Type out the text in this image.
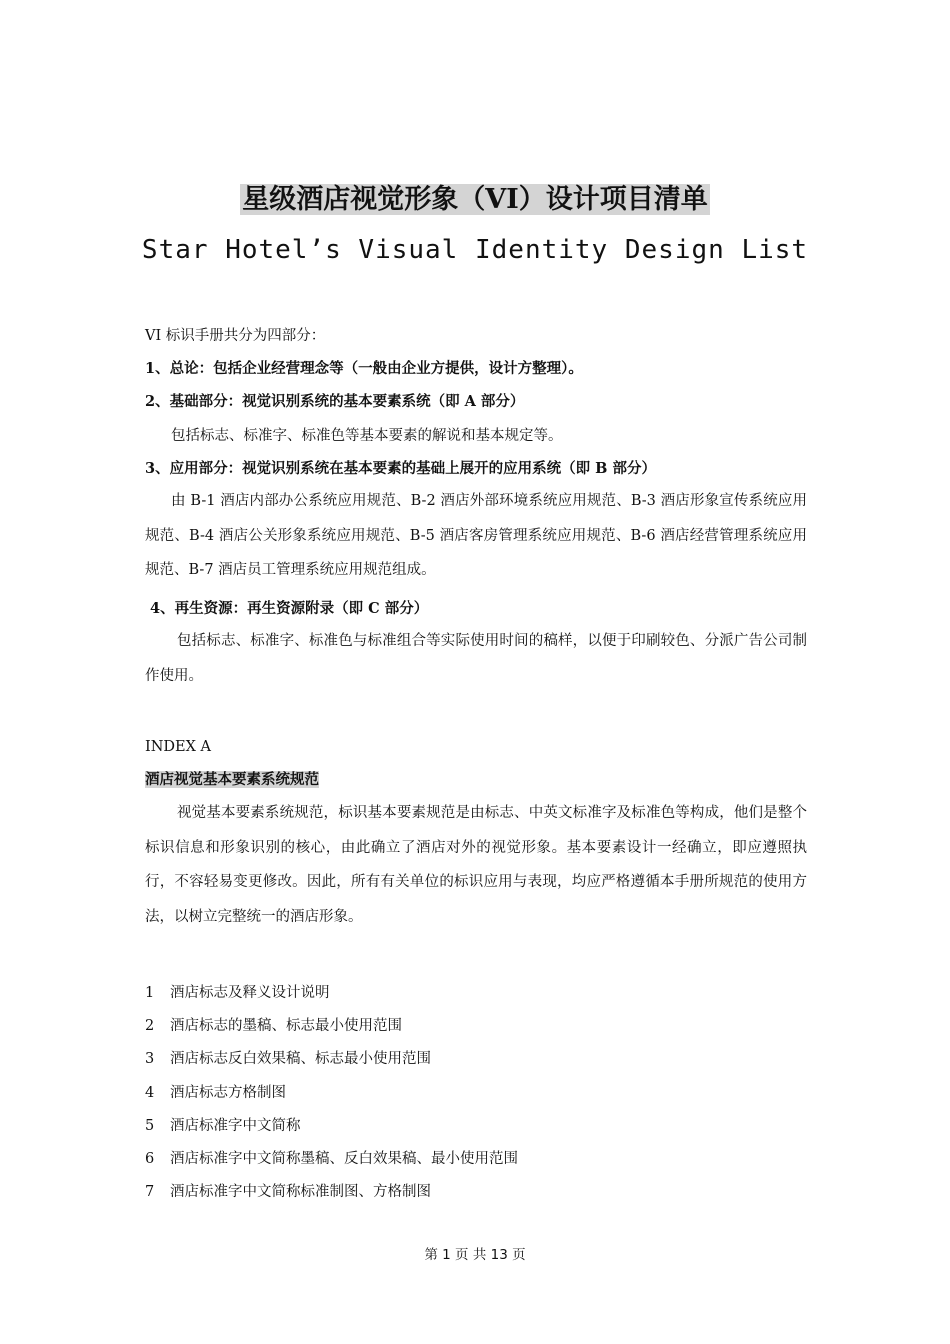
星级酒店视觉形象（VI）设计项目清单
Star Hotel’s Visual Identity Design List
VI 标识手册共分为四部分：
1、总论：包括企业经营理念等（一般由企业方提供，设计方整理）。
2、基础部分：视觉识别系统的基本要素系统（即 A 部分）
包括标志、标准字、标准色等基本要素的解说和基本规定等。
3、应用部分：视觉识别系统在基本要素的基础上展开的应用系统（即 B 部分）
由 B-1 酒店内部办公系统应用规范、B-2 酒店外部环境系统应用规范、B-3 酒店形象宣传系统应用规范、B-4 酒店公关形象系统应用规范、B-5 酒店客房管理系统应用规范、B-6 酒店经营管理系统应用规范、B-7 酒店员工管理系统应用规范组成。
4、再生资源：再生资源附录（即 C 部分）
包括标志、标准字、标准色与标准组合等实际使用时间的稿样，以便于印刷较色、分派广告公司制作使用。
INDEX A
酒店视觉基本要素系统规范
视觉基本要素系统规范，标识基本要素规范是由标志、中英文标准字及标准色等构成，他们是整个标识信息和形象识别的核心，由此确立了酒店对外的视觉形象。基本要素设计一经确立，即应遵照执行，不容轻易变更修改。因此，所有有关单位的标识应用与表现，均应严格遵循本手册所规范的使用方法，以树立完整统一的酒店形象。
1 酒店标志及释义设计说明
2 酒店标志的墨稿、标志最小使用范围
3 酒店标志反白效果稿、标志最小使用范围
4 酒店标志方格制图
5 酒店标准字中文简称
6 酒店标准字中文简称墨稿、反白效果稿、最小使用范围
7 酒店标准字中文简称标准制图、方格制图
第 1 页 共 13 页
